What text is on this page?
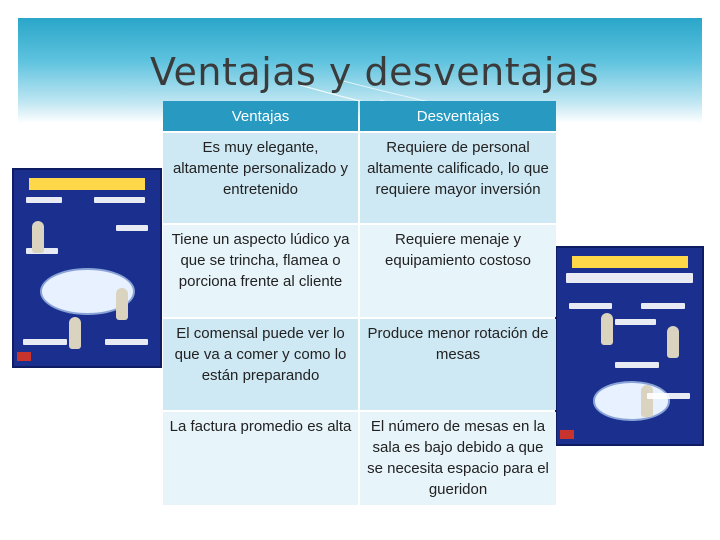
Ventajas y desventajas
Ventajas	Desventajas
Es muy elegante, altamente personalizado y entretenido	Requiere de personal altamente calificado, lo que requiere mayor inversión
Tiene un aspecto lúdico ya que se trincha, flamea o porciona frente al cliente	Requiere menaje y equipamiento costoso
El comensal puede ver lo que va a comer y como lo están preparando	Produce menor rotación de mesas
La factura promedio es alta	El número de mesas en la sala es bajo debido a que se necesita espacio para el gueridon
